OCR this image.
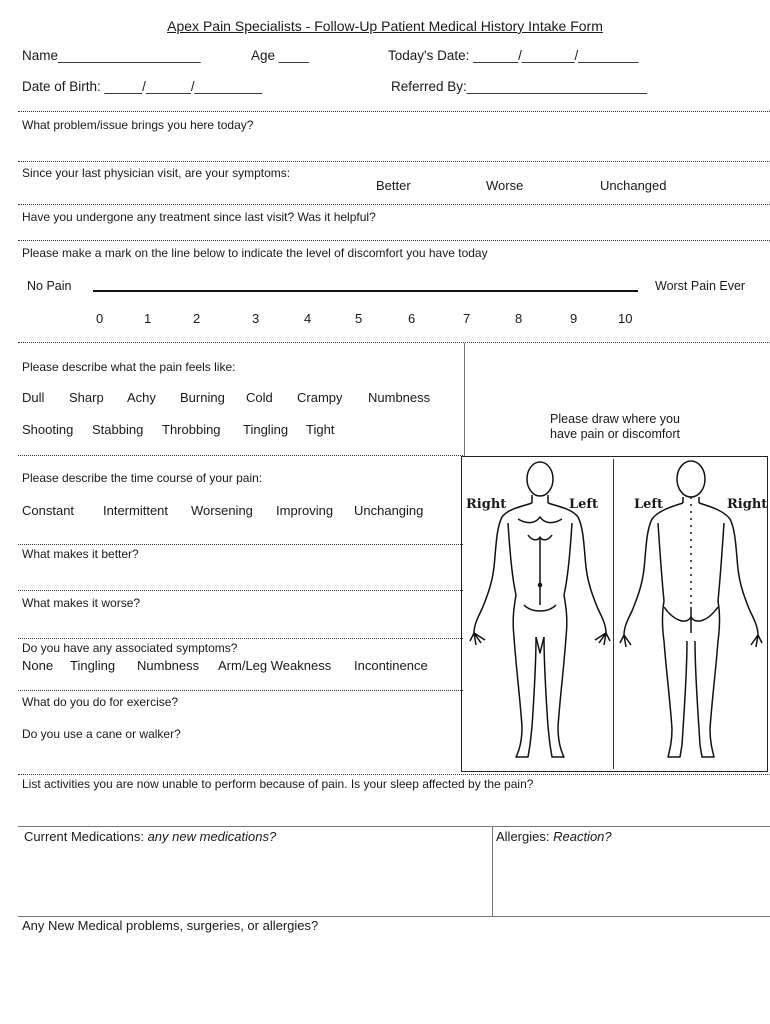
Apex Pain Specialists - Follow-Up Patient Medical History Intake Form
Name___________________	Age ____	Today's Date: ______/_______/________
Date of Birth: _____/______/_________	Referred By:________________________
What problem/issue brings you here today?
Since your last physician visit, are your symptoms:
Better	Worse	Unchanged
Have you undergone any treatment since last visit? Was it helpful?
Please make a mark on the line below to indicate the level of discomfort you have today
No Pain	Worst Pain Ever
0	1	2	3	4	5	6	7	8	9	10
Please describe what the pain feels like:
Dull Sharp Achy Burning Cold Crampy Numbness
Shooting Stabbing Throbbing Tingling Tight
Please draw where you
have pain or discomfort
Please describe the time course of your pain:
Constant Intermittent Worsening Improving Unchanging
What makes it better?
What makes it worse?
Do you have any associated symptoms?
None Tingling Numbness Arm/Leg Weakness Incontinence
What do you do for exercise?
Do you use a cane or walker?
Right	Left	Left	Right
List activities you are now unable to perform because of pain. Is your sleep affected by the pain?
Current Medications: any new medications?	Allergies: Reaction?
Any New Medical problems, surgeries, or allergies?
